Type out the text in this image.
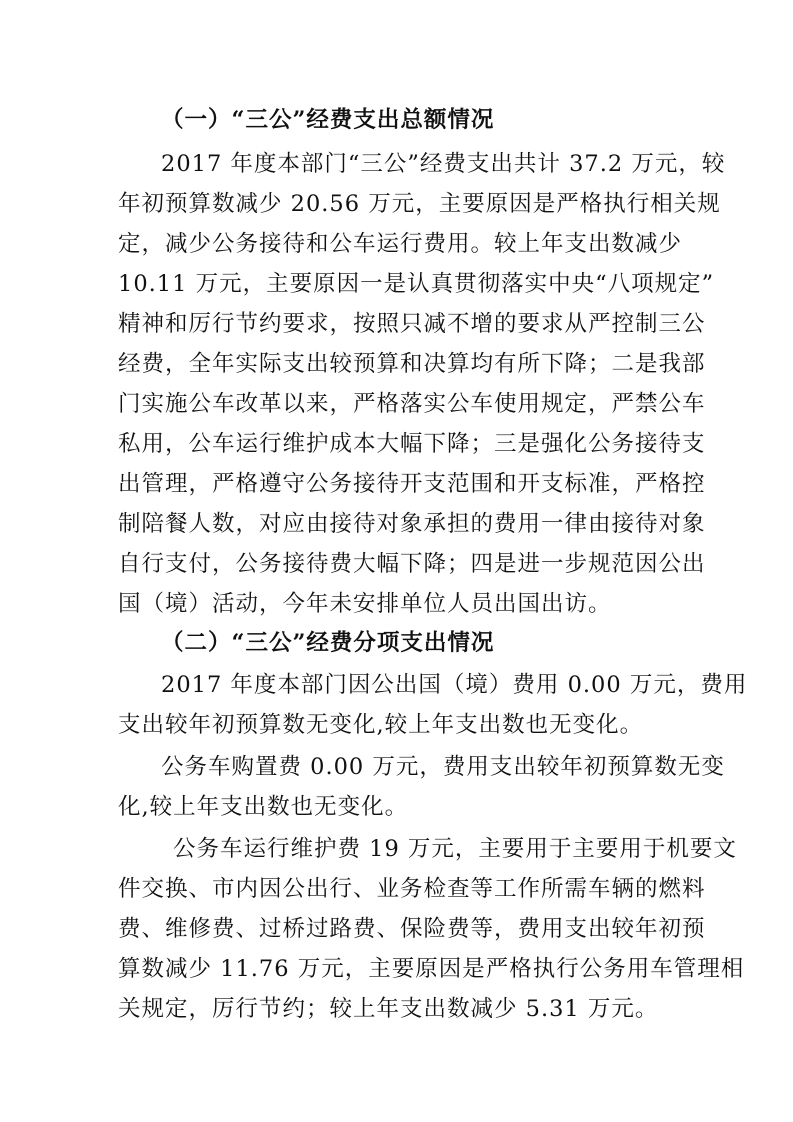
（一）“三公”经费支出总额情况
2017 年度本部门“三公”经费支出共计 37.2 万元，较
年初预算数减少 20.56 万元，主要原因是严格执行相关规
定，减少公务接待和公车运行费用。较上年支出数减少
10.11 万元，主要原因一是认真贯彻落实中央“八项规定”
精神和厉行节约要求，按照只减不增的要求从严控制三公
经费，全年实际支出较预算和决算均有所下降；二是我部
门实施公车改革以来，严格落实公车使用规定，严禁公车
私用，公车运行维护成本大幅下降；三是强化公务接待支
出管理，严格遵守公务接待开支范围和开支标准，严格控
制陪餐人数，对应由接待对象承担的费用一律由接待对象
自行支付，公务接待费大幅下降；四是进一步规范因公出
国（境）活动，今年未安排单位人员出国出访。
（二）“三公”经费分项支出情况
2017 年度本部门因公出国（境）费用 0.00 万元，费用
支出较年初预算数无变化,较上年支出数也无变化。
公务车购置费 0.00 万元，费用支出较年初预算数无变
化,较上年支出数也无变化。
公务车运行维护费 19 万元，主要用于主要用于机要文
件交换、市内因公出行、业务检查等工作所需车辆的燃料
费、维修费、过桥过路费、保险费等，费用支出较年初预
算数减少 11.76 万元，主要原因是严格执行公务用车管理相
关规定，厉行节约；较上年支出数减少 5.31 万元。
